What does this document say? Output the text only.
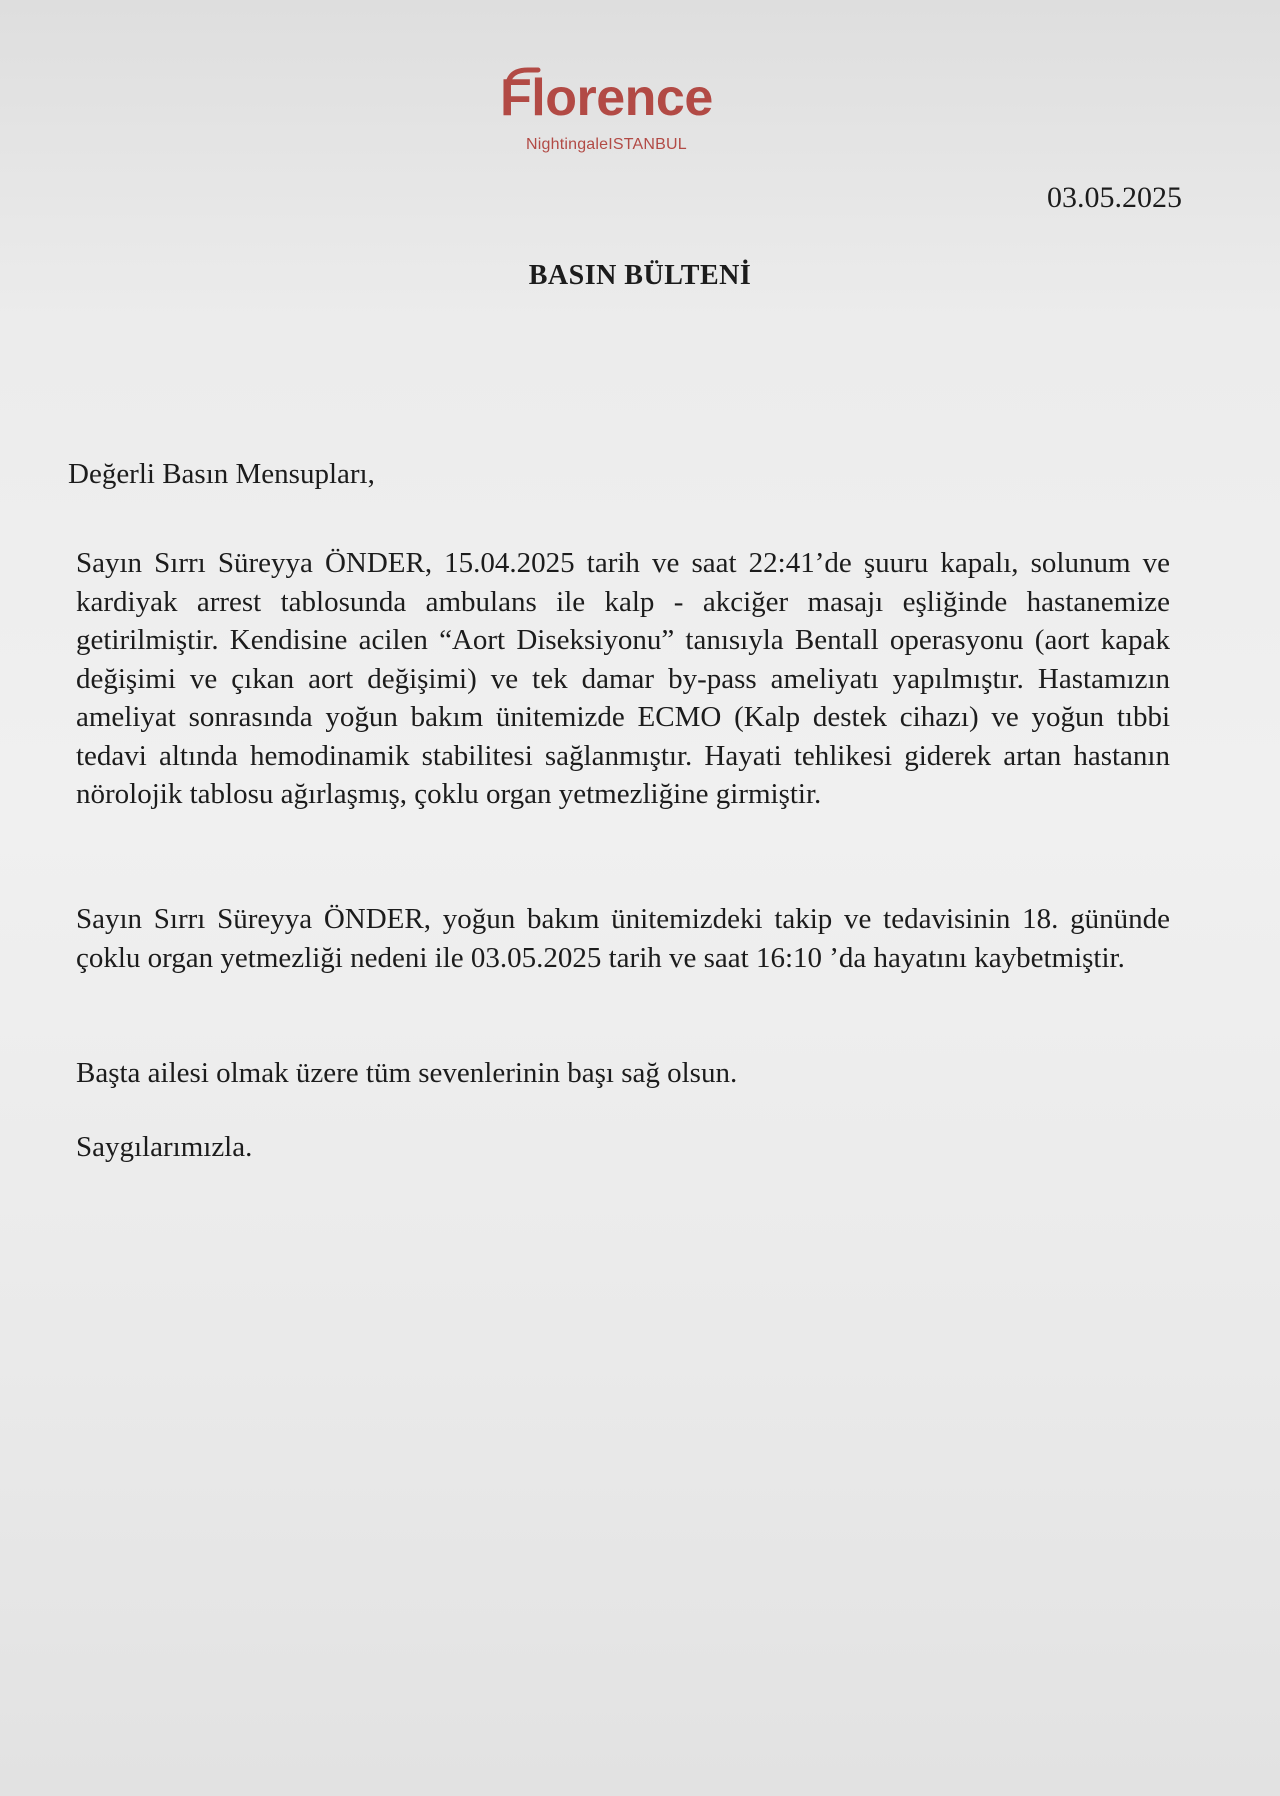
Florence
NightingaleISTANBUL
03.05.2025
BASIN BÜLTENİ
Değerli Basın Mensupları,

Sayın Sırrı Süreyya ÖNDER, 15.04.2025 tarih ve saat 22:41’de şuuru kapalı, solunum ve kardiyak arrest tablosunda ambulans ile kalp - akciğer masajı eşliğinde hastanemize getirilmiştir. Kendisine acilen “Aort Diseksiyonu” tanısıyla Bentall operasyonu (aort kapak değişimi ve çıkan aort değişimi) ve tek damar by-pass ameliyatı yapılmıştır. Hastamızın ameliyat sonrasında yoğun bakım ünitemizde ECMO (Kalp destek cihazı) ve yoğun tıbbi tedavi altında hemodinamik stabilitesi sağlanmıştır. Hayati tehlikesi giderek artan hastanın nörolojik tablosu ağırlaşmış, çoklu organ yetmezliğine girmiştir.

Sayın Sırrı Süreyya ÖNDER, yoğun bakım ünitemizdeki takip ve tedavisinin 18. gününde çoklu organ yetmezliği nedeni ile 03.05.2025 tarih ve saat 16:10 ’da hayatını kaybetmiştir.

Başta ailesi olmak üzere tüm sevenlerinin başı sağ olsun.

Saygılarımızla.
